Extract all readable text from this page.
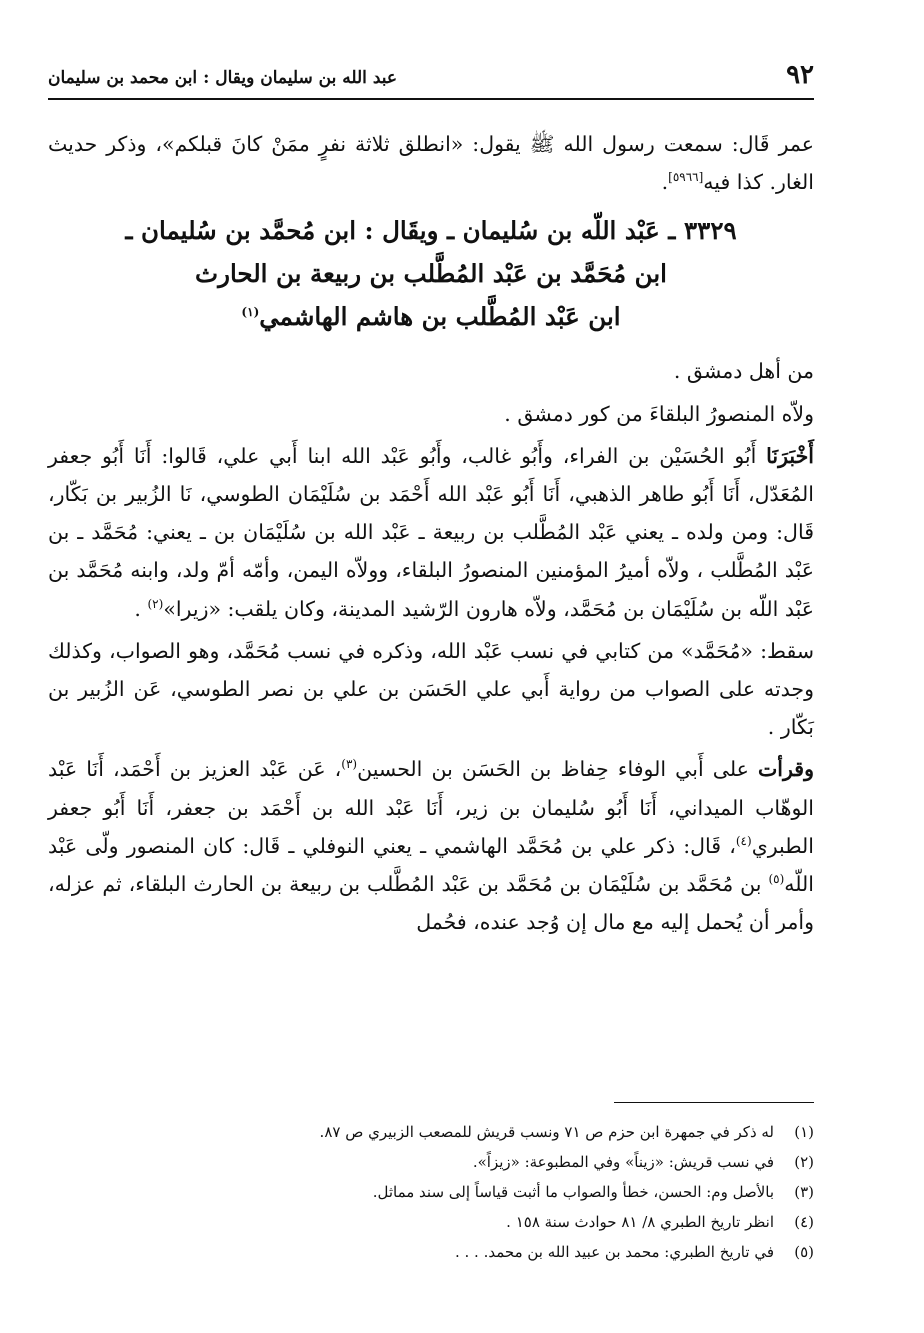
٩٢
عبد الله بن سليمان ويقال : ابن محمد بن سليمان

عمر قَال: سمعت رسول الله ﷺ يقول: «انطلق ثلاثة نفرٍ ممَنْ كانَ قبلكم»، وذكر حديث الغار. كذا فيه[٥٩٦٦].

٣٣٢٩ ـ عَبْد اللّه بن سُليمان ـ ويقَال : ابن مُحمَّد بن سُليمان ـ
ابن مُحَمَّد بن عَبْد المُطَّلب بن ربيعة بن الحارث
ابن عَبْد المُطَّلب بن هاشم الهاشمي$^{(١)}$

من أهل دمشق .

ولاّه المنصورُ البلقاءَ من كور دمشق .

أَخْبَرَنَا أَبُو الحُسَيْن بن الفراء، وأَبُو غالب، وأَبُو عَبْد الله ابنا أَبي علي، قَالوا: أَنَا أَبُو جعفر المُعَدّل، أَنَا أَبُو طاهر الذهبي، أَنَا أَبُو عَبْد الله أَحْمَد بن سُلَيْمَان الطوسي، نَا الزُبير بن بَكّار، قَال: ومن ولده ـ يعني عَبْد المُطَّلب بن ربيعة ـ عَبْد الله بن سُلَيْمَان بن ـ يعني: مُحَمَّد ـ بن عَبْد المُطَّلب ، ولاّه أميرُ المؤمنين المنصورُ البلقاء، وولاّه اليمن، وأمّه أمّ ولد، وابنه مُحَمَّد بن عَبْد اللّه بن سُلَيْمَان بن مُحَمَّد، ولاّه هارون الرّشيد المدينة، وكان يلقب: «زيرا»$^{(٢)}$ .

سقط: «مُحَمَّد» من كتابي في نسب عَبْد الله، وذكره في نسب مُحَمَّد، وهو الصواب، وكذلك وجدته على الصواب من رواية أَبي علي الحَسَن بن علي بن نصر الطوسي، عَن الزُبير بن بَكّار .

وقرأت على أَبي الوفاء حِفاظ بن الحَسَن بن الحسين$^{(٣)}$، عَن عَبْد العزيز بن أَحْمَد، أَنَا عَبْد الوهّاب الميداني، أَنَا أَبُو سُليمان بن زير، أَنَا عَبْد الله بن أَحْمَد بن جعفر، أَنَا أَبُو جعفر الطبري$^{(٤)}$، قَال: ذكر علي بن مُحَمَّد الهاشمي ـ يعني النوفلي ـ قَال: كان المنصور ولّى عَبْد اللّه$^{(٥)}$ بن مُحَمَّد بن سُلَيْمَان بن مُحَمَّد بن عَبْد المُطَّلب بن ربيعة بن الحارث البلقاء، ثم عزله، وأمر أن يُحمل إليه مع مال إن وُجد عنده، فحُمل

(١)
له ذكر في جمهرة ابن حزم ص ٧١ ونسب قريش للمصعب الزبيري ص ٨٧.
(٢)
في نسب قريش: «زيناً» وفي المطبوعة: «زيزاً».
(٣)
بالأصل وم: الحسن، خطأ والصواب ما أثبت قياساً إلى سند مماثل.
(٤)
انظر تاريخ الطبري ٨/ ٨١ حوادث سنة ١٥٨ .
(٥)
في تاريخ الطبري: محمد بن عبيد الله بن محمد. . . .
